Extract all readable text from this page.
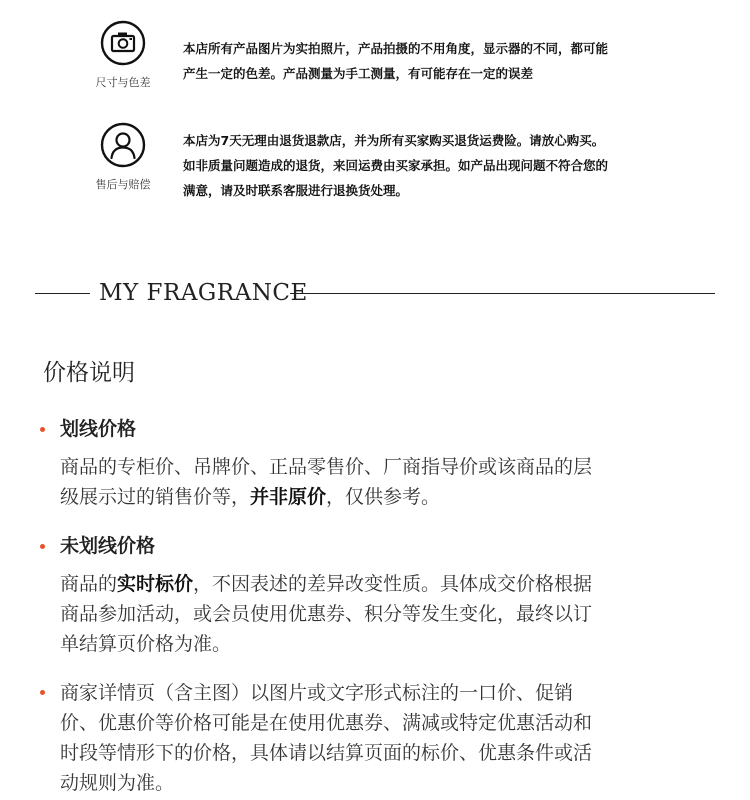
尺寸与色差
本店所有产品图片为实拍照片，产品拍摄的不用角度，显示器的不同，都可能
产生一定的色差。产品测量为手工测量，有可能存在一定的误差
售后与赔偿
本店为7天无理由退货退款店，并为所有买家购买退货运费险。请放心购买。
如非质量问题造成的退货，来回运费由买家承担。如产品出现问题不符合您的
满意，请及时联系客服进行退换货处理。
MY FRAGRANCE
价格说明
划线价格
商品的专柜价、吊牌价、正品零售价、厂商指导价或该商品的层
级展示过的销售价等，并非原价，仅供参考。
未划线价格
商品的实时标价，不因表述的差异改变性质。具体成交价格根据
商品参加活动，或会员使用优惠券、积分等发生变化，最终以订
单结算页价格为准。
商家详情页（含主图）以图片或文字形式标注的一口价、促销
价、优惠价等价格可能是在使用优惠券、满减或特定优惠活动和
时段等情形下的价格，具体请以结算页面的标价、优惠条件或活
动规则为准。
